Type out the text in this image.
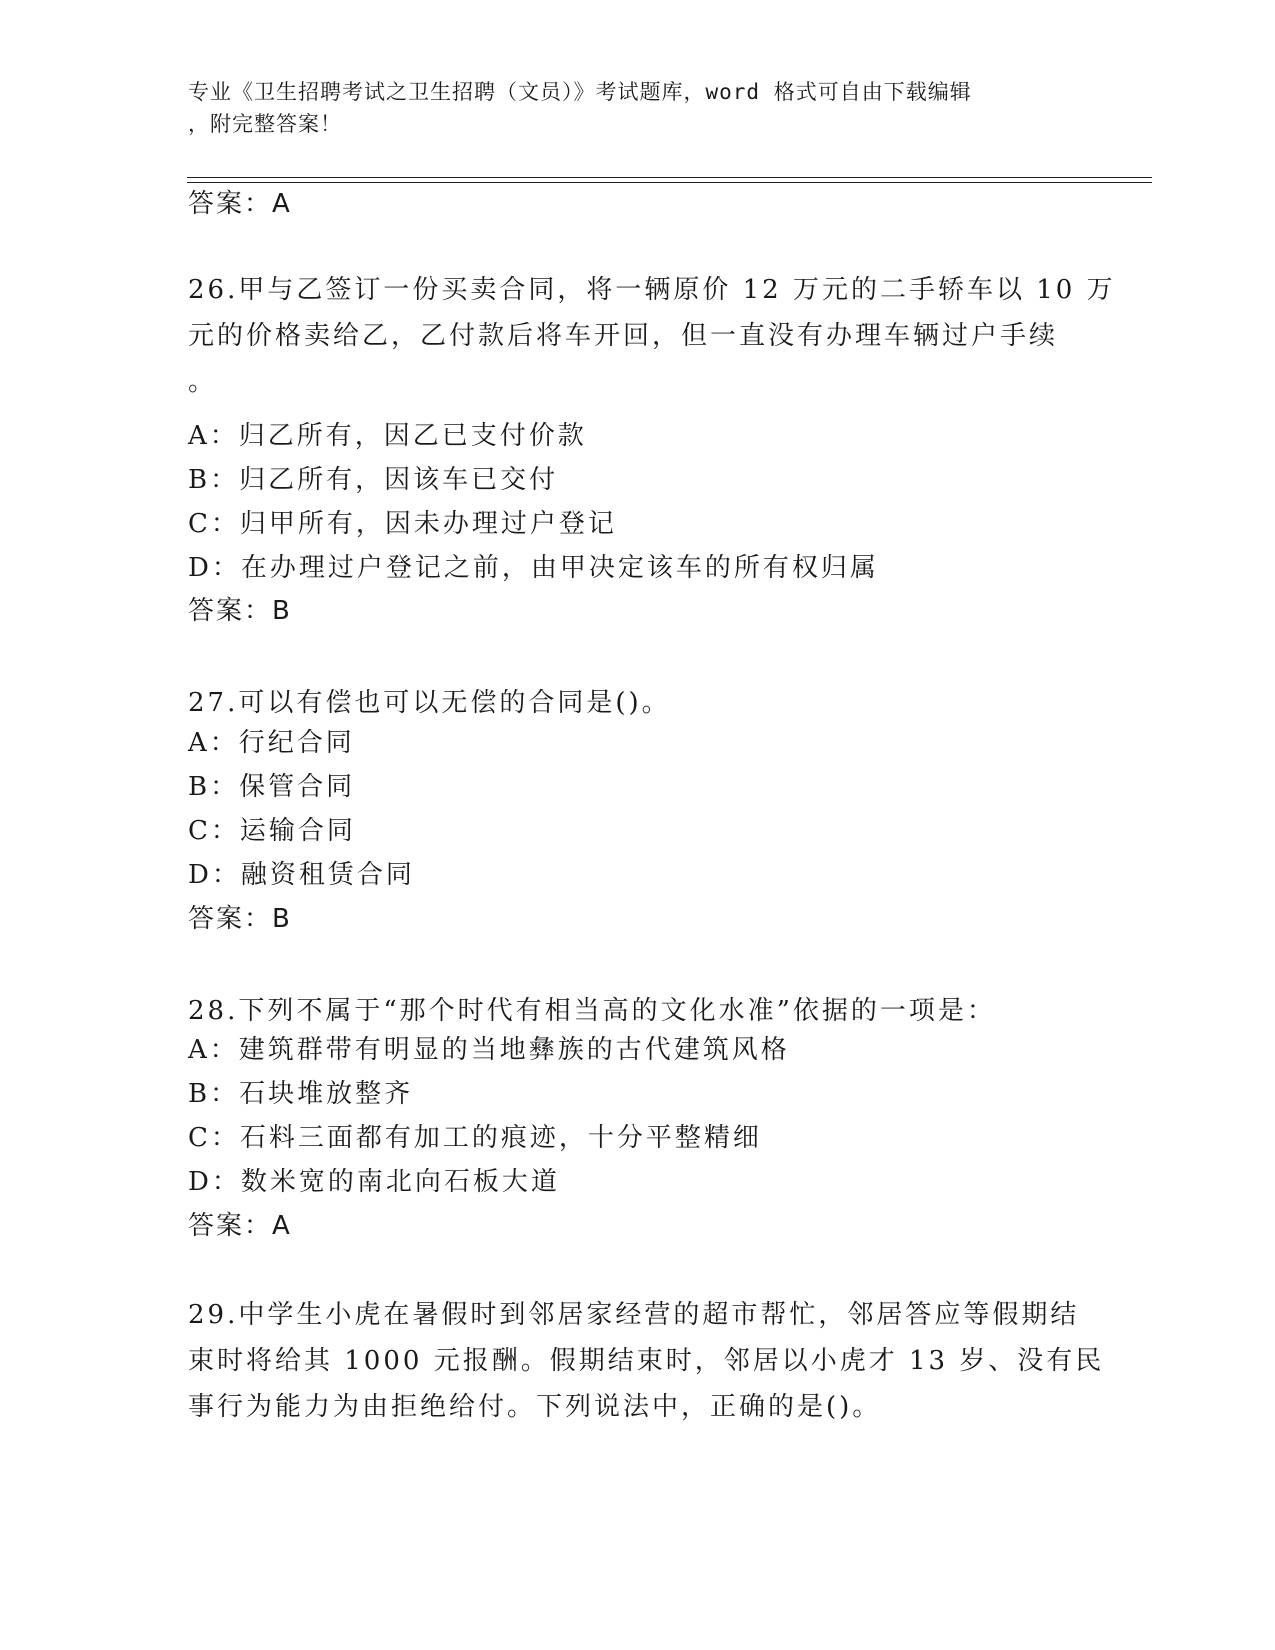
专业《卫生招聘考试之卫生招聘（文员）》考试题库，word 格式可自由下载编辑
，附完整答案！
答案：A
26.甲与乙签订一份买卖合同，将一辆原价 12 万元的二手轿车以 10 万
元的价格卖给乙，乙付款后将车开回，但一直没有办理车辆过户手续
。
A：归乙所有，因乙已支付价款
B：归乙所有，因该车已交付
C：归甲所有，因未办理过户登记
D：在办理过户登记之前，由甲决定该车的所有权归属
答案：B
27.可以有偿也可以无偿的合同是()。
A：行纪合同
B：保管合同
C：运输合同
D：融资租赁合同
答案：B
28.下列不属于“那个时代有相当高的文化水准”依据的一项是：
A：建筑群带有明显的当地彝族的古代建筑风格
B：石块堆放整齐
C：石料三面都有加工的痕迹，十分平整精细
D：数米宽的南北向石板大道
答案：A
29.中学生小虎在暑假时到邻居家经营的超市帮忙，邻居答应等假期结
束时将给其 1000 元报酬。假期结束时，邻居以小虎才 13 岁、没有民
事行为能力为由拒绝给付。下列说法中，正确的是()。
